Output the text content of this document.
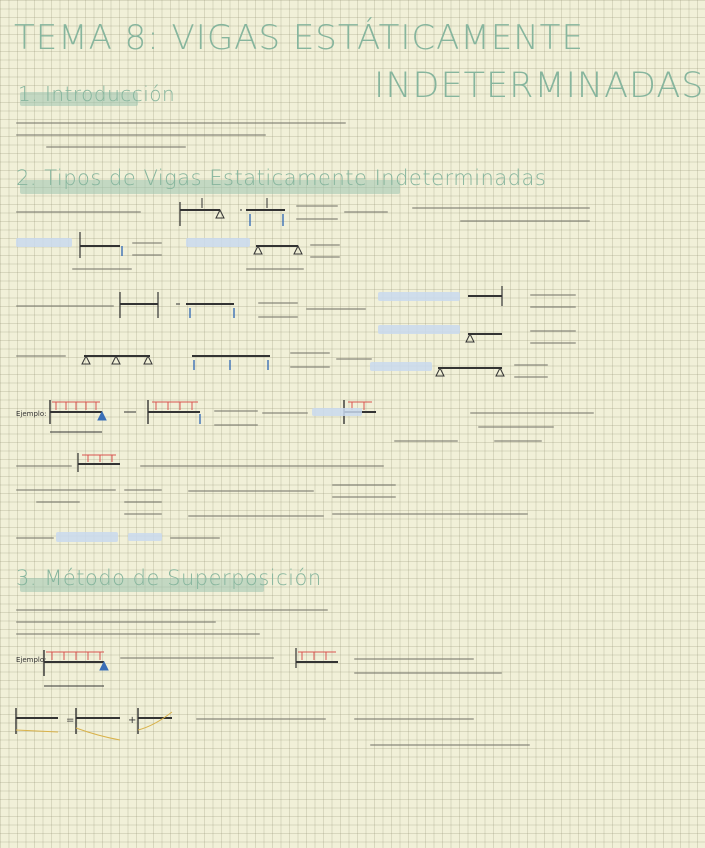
TEMA 8: VIGAS ESTÁTICAMENTE
INDETERMINADAS
1. Introducción
2. Tipos de Vigas Estaticamente Indeterminadas
Ejemplo:
3. Método de Superposición
Ejemplo:
=	+
